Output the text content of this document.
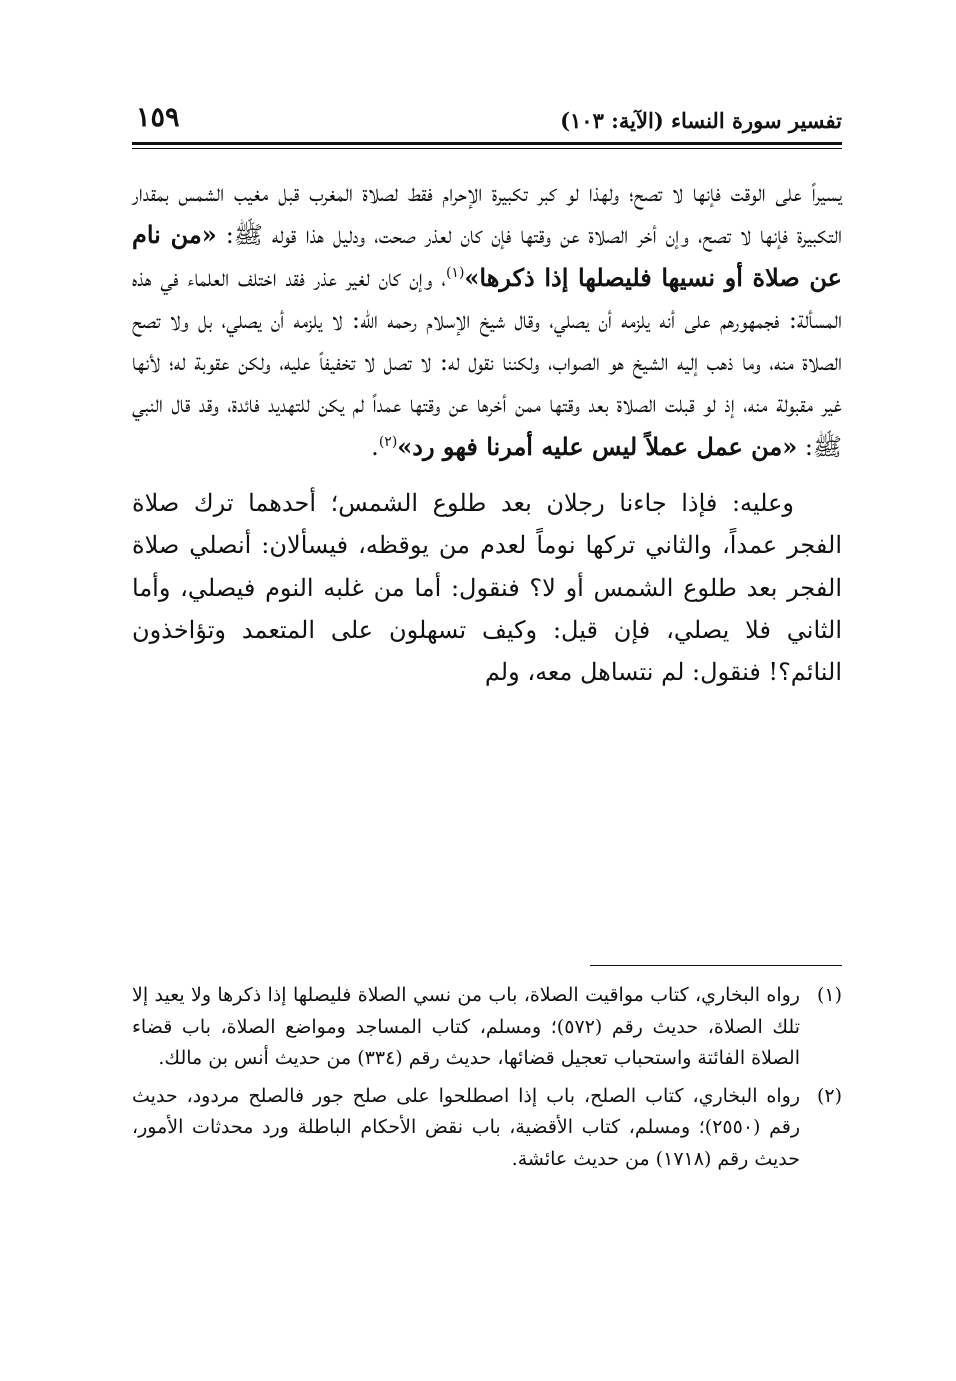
تفسير سورة النساء (الآية: ١٠٣)
١٥٩

يسيراً على الوقت فإنها لا تصح؛ ولهذا لو كبر تكبيرة الإحرام فقط لصلاة المغرب قبل مغيب الشمس بمقدار التكبيرة فإنها لا تصح، وإن أخر الصلاة عن وقتها فإن كان لعذر صحت، ودليل هذا قوله ﷺ: «من نام عن صلاة أو نسيها فليصلها إذا ذكرها»$^{(١)}$، وإن كان لغير عذر فقد اختلف العلماء في هذه المسألة: فجمهورهم على أنه يلزمه أن يصلي، وقال شيخ الإسلام رحمه الله: لا يلزمه أن يصلي، بل ولا تصح الصلاة منه، وما ذهب إليه الشيخ هو الصواب، ولكننا نقول له: لا تصل لا تخفيفاً عليه، ولكن عقوبة له؛ لأنها غير مقبولة منه، إذ لو قبلت الصلاة بعد وقتها ممن أخرها عن وقتها عمداً لم يكن للتهديد فائدة، وقد قال النبي ﷺ: «من عمل عملاً ليس عليه أمرنا فهو رد»$^{(٢)}$.

وعليه: فإذا جاءنا رجلان بعد طلوع الشمس؛ أحدهما ترك صلاة الفجر عمداً، والثاني تركها نوماً لعدم من يوقظه، فيسألان: أنصلي صلاة الفجر بعد طلوع الشمس أو لا؟ فنقول: أما من غلبه النوم فيصلي، وأما الثاني فلا يصلي، فإن قيل: وكيف تسهلون على المتعمد وتؤاخذون النائم؟! فنقول: لم نتساهل معه، ولم

(١)
رواه البخاري، كتاب مواقيت الصلاة، باب من نسي الصلاة فليصلها إذا ذكرها ولا يعيد إلا تلك الصلاة، حديث رقم (٥٧٢)؛ ومسلم، كتاب المساجد ومواضع الصلاة، باب قضاء الصلاة الفائتة واستحباب تعجيل قضائها، حديث رقم (٣٣٤) من حديث أنس بن مالك.
(٢)
رواه البخاري، كتاب الصلح، باب إذا اصطلحوا على صلح جور فالصلح مردود، حديث رقم (٢٥٥٠)؛ ومسلم، كتاب الأقضية، باب نقض الأحكام الباطلة ورد محدثات الأمور، حديث رقم (١٧١٨) من حديث عائشة.
